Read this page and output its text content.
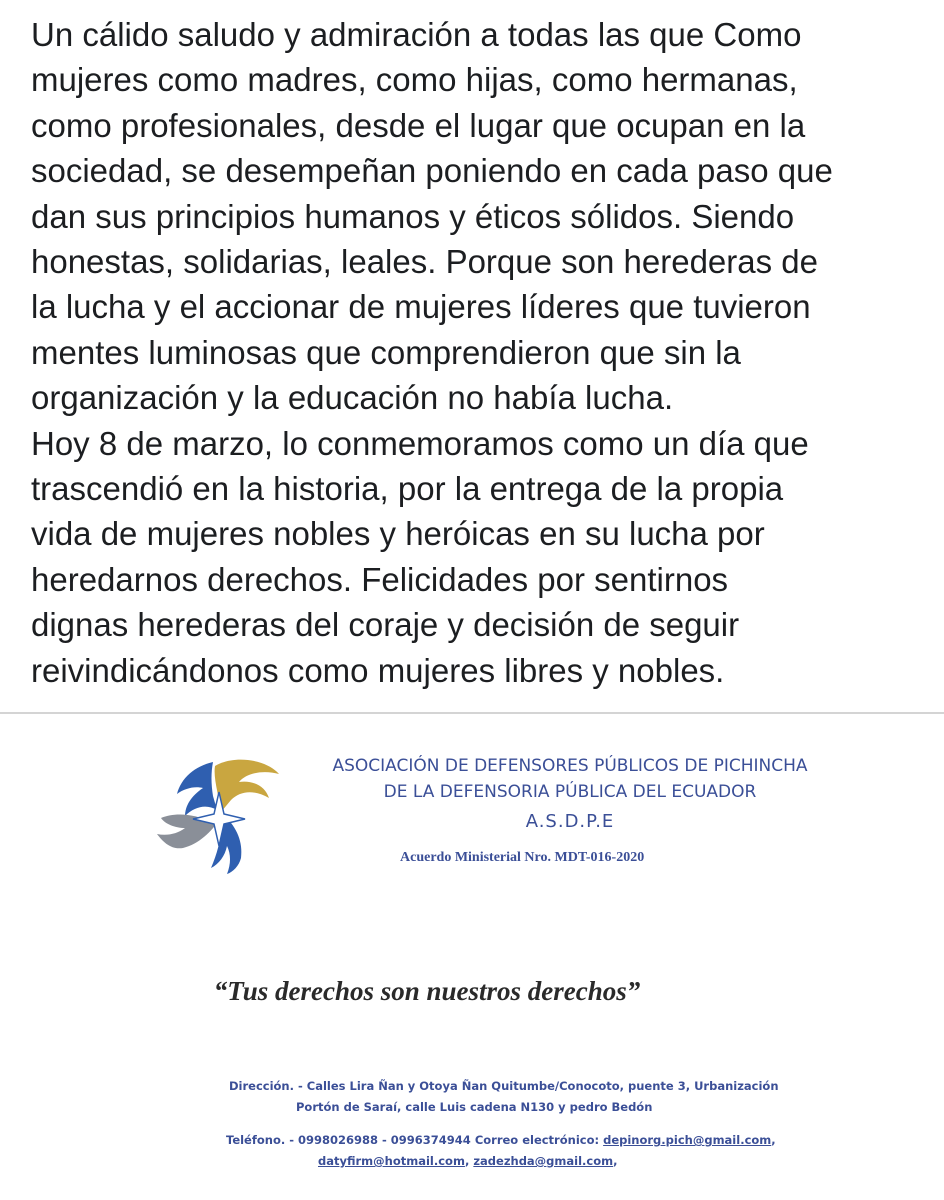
Un cálido saludo y admiración a todas las que Como
mujeres como madres, como hijas, como hermanas,
como profesionales, desde el lugar que ocupan en la
sociedad, se desempeñan poniendo en cada paso que
dan sus principios humanos y éticos sólidos. Siendo
honestas, solidarias, leales. Porque son herederas de
la lucha y el accionar de mujeres líderes que tuvieron
mentes luminosas que comprendieron que sin la
organización y la educación no había lucha.
Hoy 8 de marzo, lo conmemoramos como un día que
trascendió en la historia, por la entrega de la propia
vida de mujeres nobles y heróicas en su lucha por
heredarnos derechos. Felicidades por sentirnos
dignas herederas del coraje y decisión de seguir
reivindicándonos como mujeres libres y nobles.

ASOCIACIÓN DE DEFENSORES PÚBLICOS DE PICHINCHA
DE LA DEFENSORIA PÚBLICA DEL ECUADOR
A.S.D.P.E
Acuerdo Ministerial Nro. MDT-016-2020
“Tus derechos son nuestros derechos”
Dirección. - Calles Lira Ñan y Otoya Ñan Quitumbe/Conocoto, puente 3, Urbanización
Portón de Saraí, calle Luis cadena N130 y pedro Bedón
Teléfono. - 0998026988 - 0996374944 Correo electrónico: depinorg.pich@gmail.com,
datyfirm@hotmail.com, zadezhda@gmail.com,
